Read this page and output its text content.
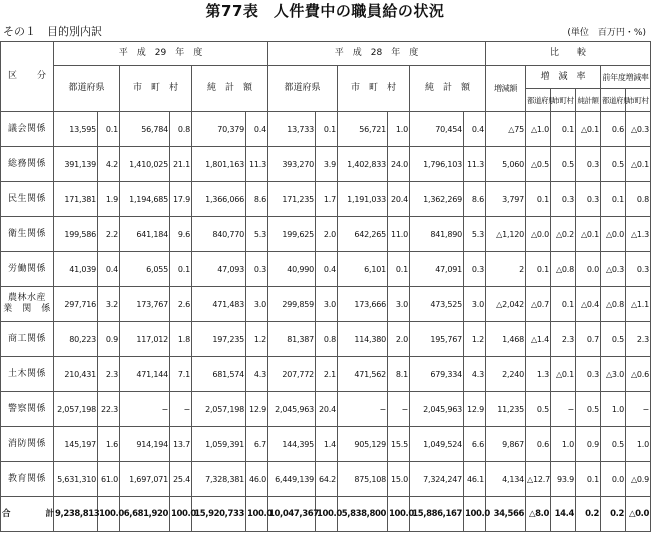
第77表　人件費中の職員給の状況
その１　目的別内訳	(単位　百万円・%)
区 分	平　成　29　年　度						平　成　28　年　度						比　　較						
	都道府県		市　町　村		純　計　額		都道府県		市　町　村		純　計　額		増減額	増　減　率			前年度増減率		
														都道府県	市町村	純計額	都道府県	市町村	
議会関係	13,595	0.1	56,784	0.8	70,379	0.4	13,733	0.1	56,721	1.0	70,454	0.4	△75	△1.0	0.1	△0.1	0.6	△0.3	
総務関係	391,139	4.2	1,410,025	21.1	1,801,163	11.3	393,270	3.9	1,402,833	24.0	1,796,103	11.3	5,060	△0.5	0.5	0.3	0.5	△0.1	
民生関係	171,381	1.9	1,194,685	17.9	1,366,066	8.6	171,235	1.7	1,191,033	20.4	1,362,269	8.6	3,797	0.1	0.3	0.3	0.1	0.8	
衛生関係	199,586	2.2	641,184	9.6	840,770	5.3	199,625	2.0	642,265	11.0	841,890	5.3	△1,120	△0.0	△0.2	△0.1	△0.0	△1.3	
労働関係	41,039	0.4	6,055	0.1	47,093	0.3	40,990	0.4	6,101	0.1	47,091	0.3	2	0.1	△0.8	0.0	△0.3	0.3	

農林水産
業　関　係	297,716	3.2	173,767	2.6	471,483	3.0	299,859	3.0	173,666	3.0	473,525	3.0	△2,042	△0.7	0.1	△0.4	△0.8	△1.1	
商工関係	80,223	0.9	117,012	1.8	197,235	1.2	81,387	0.8	114,380	2.0	195,767	1.2	1,468	△1.4	2.3	0.7	0.5	2.3	
土木関係	210,431	2.3	471,144	7.1	681,574	4.3	207,772	2.1	471,562	8.1	679,334	4.3	2,240	1.3	△0.1	0.3	△3.0	△0.6	
警察関係	2,057,198	22.3	−	−	2,057,198	12.9	2,045,963	20.4	−	−	2,045,963	12.9	11,235	0.5	−	0.5	1.0	−	
消防関係	145,197	1.6	914,194	13.7	1,059,391	6.7	144,395	1.4	905,129	15.5	1,049,524	6.6	9,867	0.6	1.0	0.9	0.5	1.0	
教育関係	5,631,310	61.0	1,697,071	25.4	7,328,381	46.0	6,449,139	64.2	875,108	15.0	7,324,247	46.1	4,134	△12.7	93.9	0.1	0.0	△0.9	
合　　計	9,238,813	100.0	6,681,920	100.0	15,920,733	100.0	10,047,367	100.0	5,838,800	100.0	15,886,167	100.0	34,566	△8.0	14.4	0.2	0.2	△0.0	
